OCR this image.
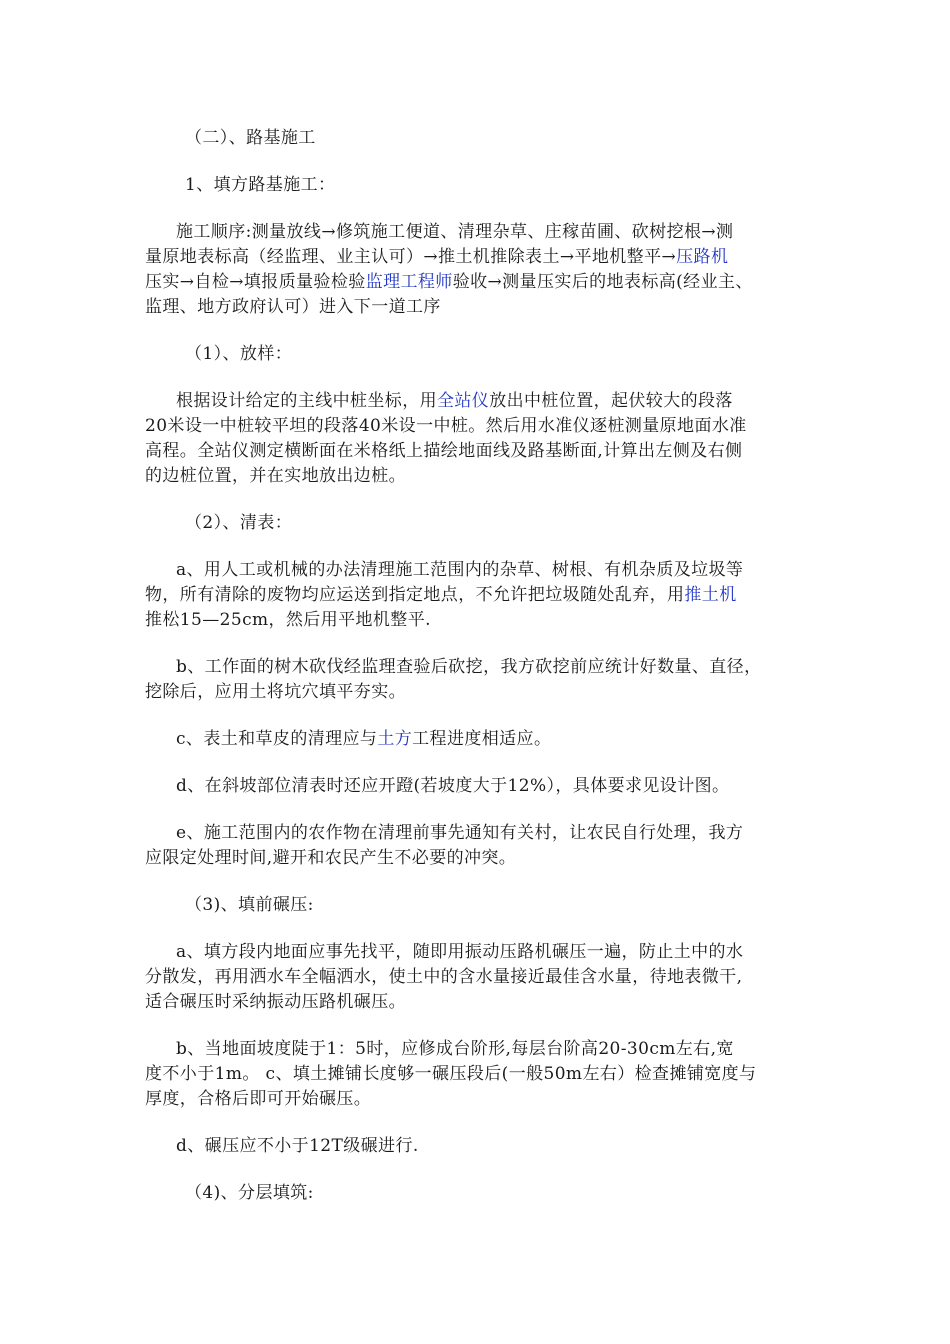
（二）、路基施工
1、填方路基施工：
施工顺序:测量放线→修筑施工便道、清理杂草、庄稼苗圃、砍树挖根→测
量原地表标高（经监理、业主认可）→推土机推除表土→平地机整平→压路机
压实→自检→填报质量验检验监理工程师验收→测量压实后的地表标高(经业主、
监理、地方政府认可）进入下一道工序
（1）、放样：
根据设计给定的主线中桩坐标，用全站仪放出中桩位置，起伏较大的段落
20米设一中桩较平坦的段落40米设一中桩。然后用水准仪逐桩测量原地面水准
高程。全站仪测定横断面在米格纸上描绘地面线及路基断面,计算出左侧及右侧
的边桩位置，并在实地放出边桩。
（2）、清表：
a、用人工或机械的办法清理施工范围内的杂草、树根、有机杂质及垃圾等
物，所有清除的废物均应运送到指定地点，不允许把垃圾随处乱弃，用推土机
推松15—25cm，然后用平地机整平.
b、工作面的树木砍伐经监理查验后砍挖，我方砍挖前应统计好数量、直径，
挖除后，应用土将坑穴填平夯实。
c、表土和草皮的清理应与土方工程进度相适应。
d、在斜坡部位清表时还应开蹬(若坡度大于12%），具体要求见设计图。
e、施工范围内的农作物在清理前事先通知有关村，让农民自行处理，我方
应限定处理时间,避开和农民产生不必要的冲突。
（3)、填前碾压:
a、填方段内地面应事先找平，随即用振动压路机碾压一遍，防止土中的水
分散发，再用洒水车全幅洒水，使土中的含水量接近最佳含水量，待地表微干,
适合碾压时采纳振动压路机碾压。
b、当地面坡度陡于1：5时，应修成台阶形,每层台阶高20-30cm左右,宽
度不小于1m。 c、填土摊铺长度够一碾压段后(一般50m左右）检查摊铺宽度与
厚度，合格后即可开始碾压。
d、碾压应不小于12T级碾进行.
（4)、分层填筑:
